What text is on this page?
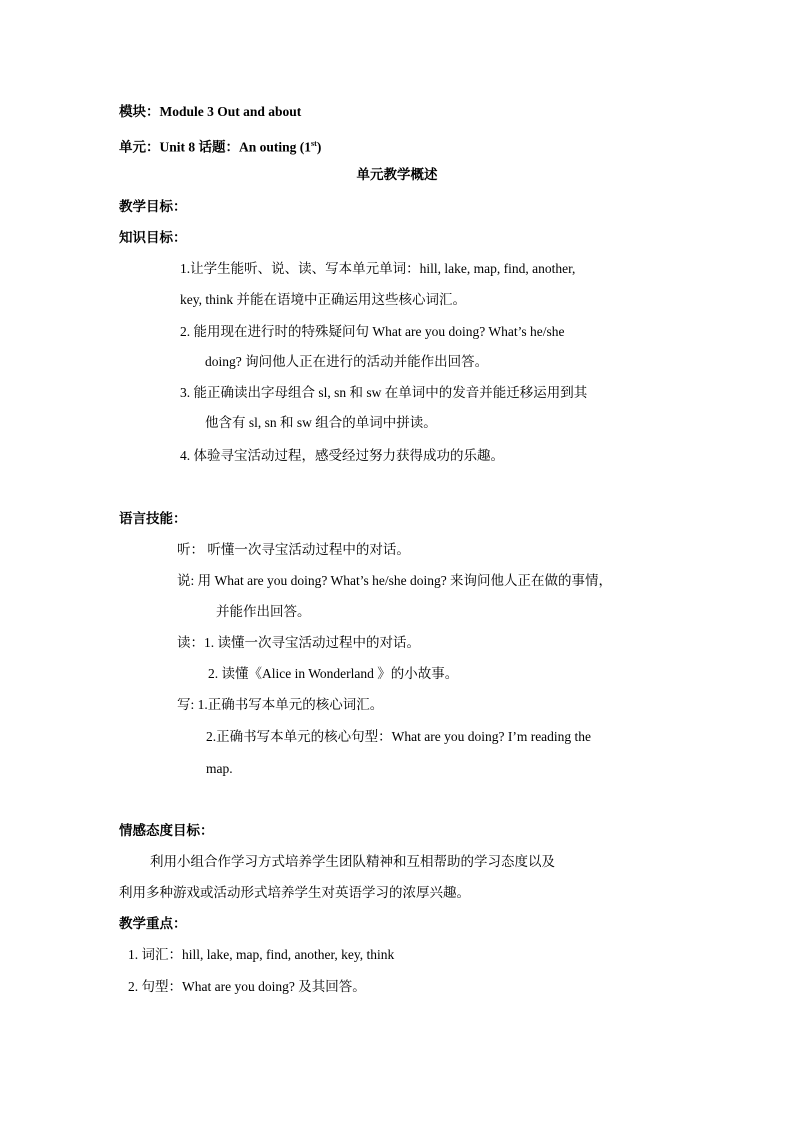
模块：Module 3 Out and about
单元：Unit 8 话题：An outing (1st)
单元教学概述
教学目标：
知识目标：
1.让学生能听、说、读、写本单元单词：hill, lake, map, find, another,
key, think 并能在语境中正确运用这些核心词汇。
2. 能用现在进行时的特殊疑问句 What are you doing? What’s he/she
doing? 询问他人正在进行的活动并能作出回答。
3. 能正确读出字母组合 sl, sn 和 sw 在单词中的发音并能迁移运用到其
他含有 sl, sn 和 sw 组合的单词中拼读。
4. 体验寻宝活动过程，感受经过努力获得成功的乐趣。
语言技能：
听： 听懂一次寻宝活动过程中的对话。
说: 用 What are you doing? What’s he/she doing? 来询问他人正在做的事情，
并能作出回答。
读：1. 读懂一次寻宝活动过程中的对话。
2. 读懂《Alice in Wonderland 》的小故事。
写: 1.正确书写本单元的核心词汇。
2.正确书写本单元的核心句型：What are you doing? I’m reading the
map.
情感态度目标：
利用小组合作学习方式培养学生团队精神和互相帮助的学习态度以及
利用多种游戏或活动形式培养学生对英语学习的浓厚兴趣。
教学重点：
1. 词汇：hill, lake, map, find, another, key, think
2. 句型：What are you doing? 及其回答。
